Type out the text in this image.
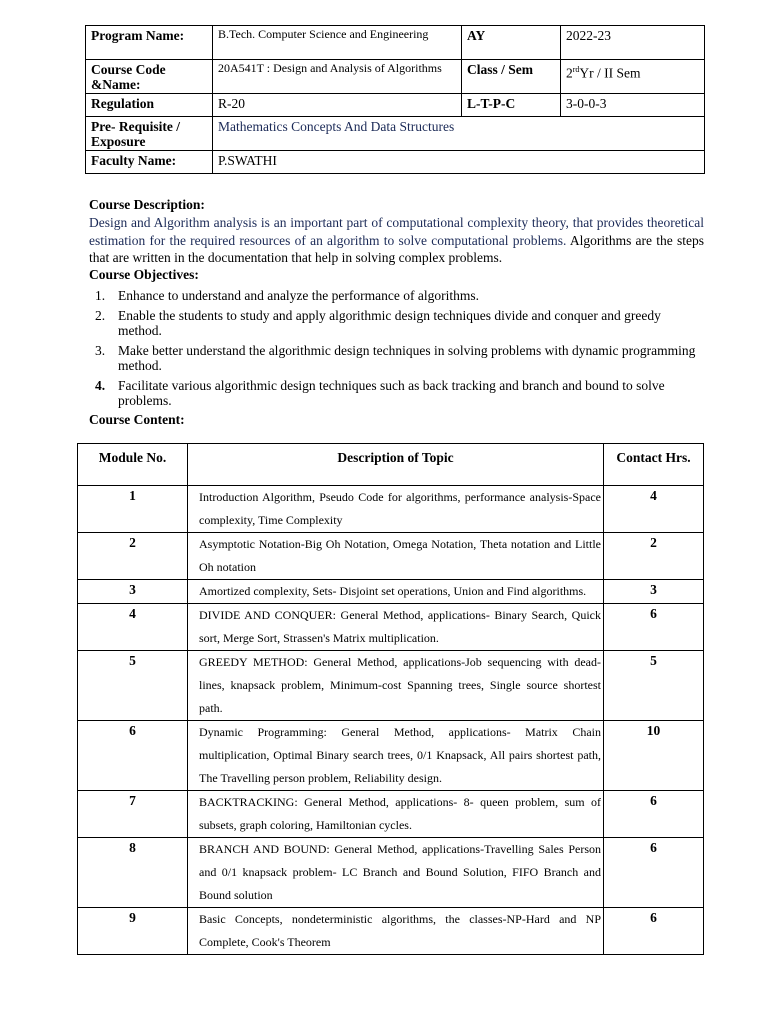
Program Name:	B.Tech. Computer Science and Engineering	AY	2022-23
Course Code &Name:	20A541T : Design and Analysis of Algorithms	Class / Sem	2rdYr / II Sem
Regulation	R-20	L-T-P-C	3-0-0-3
Pre- Requisite / Exposure	Mathematics Concepts And Data Structures		
Faculty Name:	P.SWATHI		
Course Description:
Design and Algorithm analysis is an important part of computational complexity theory, that provides theoretical estimation for the required resources of an algorithm to solve computational problems. Algorithms are the steps that are written in the documentation that help in solving complex problems.
Course Objectives:
1. Enhance to understand and analyze the performance of algorithms.
2. Enable the students to study and apply algorithmic design techniques divide and conquer and greedy method.
3. Make better understand the algorithmic design techniques in solving problems with dynamic programming method.
4. Facilitate various algorithmic design techniques such as back tracking and branch and bound to solve problems.
Course Content:
Module No.	Description of Topic	Contact Hrs.
1	Introduction Algorithm, Pseudo Code for algorithms, performance analysis-Space complexity, Time Complexity	4
2	Asymptotic Notation-Big Oh Notation, Omega Notation, Theta notation and Little Oh notation	2
3	Amortized complexity, Sets- Disjoint set operations, Union and Find algorithms.	3
4	DIVIDE AND CONQUER: General Method, applications- Binary Search, Quick sort, Merge Sort, Strassen's Matrix multiplication.	6
5	GREEDY METHOD: General Method, applications-Job sequencing with dead-lines, knapsack problem, Minimum-cost Spanning trees, Single source shortest path.	5
6	Dynamic Programming: General Method, applications- Matrix Chain multiplication, Optimal Binary search trees, 0/1 Knapsack, All pairs shortest path, The Travelling person problem, Reliability design.	10
7	BACKTRACKING: General Method, applications- 8- queen problem, sum of subsets, graph coloring, Hamiltonian cycles.	6
8	BRANCH AND BOUND: General Method, applications-Travelling Sales Person and 0/1 knapsack problem- LC Branch and Bound Solution, FIFO Branch and Bound solution	6
9	Basic Concepts, nondeterministic algorithms, the classes-NP-Hard and NP Complete, Cook's Theorem	6
